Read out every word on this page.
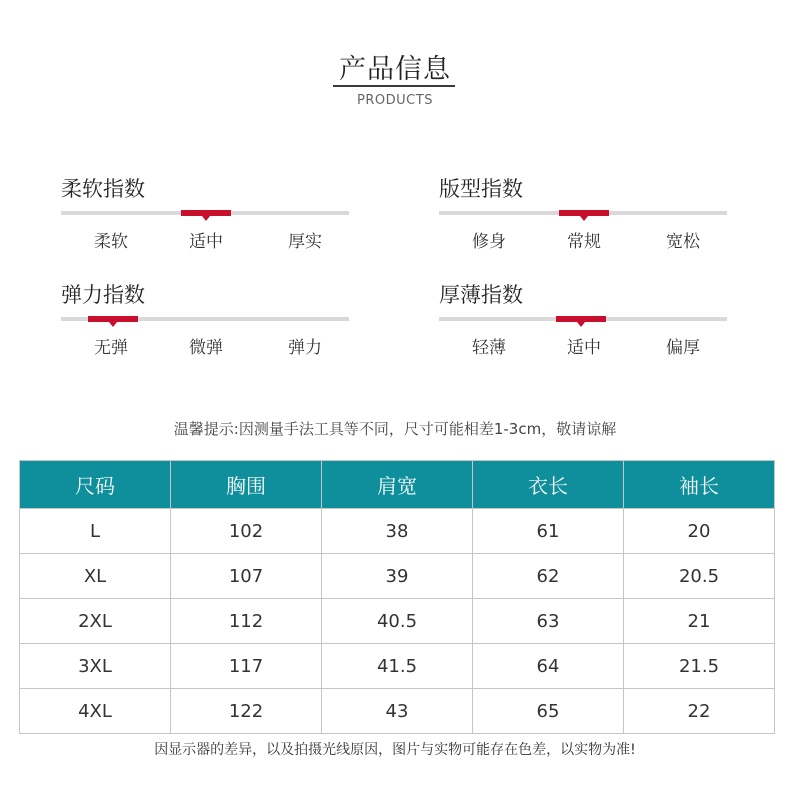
产品信息
PRODUCTS
柔软指数
柔软	适中	厚实
版型指数
修身	常规	宽松
弹力指数
无弹	微弹	弹力
厚薄指数
轻薄	适中	偏厚
温馨提示:因测量手法工具等不同，尺寸可能相差1-3cm，敬请谅解
尺码	胸围	肩宽	衣长	袖长
L	102	38	61	20
XL	107	39	62	20.5
2XL	112	40.5	63	21
3XL	117	41.5	64	21.5
4XL	122	43	65	22
因显示器的差异，以及拍摄光线原因，图片与实物可能存在色差，以实物为准!
